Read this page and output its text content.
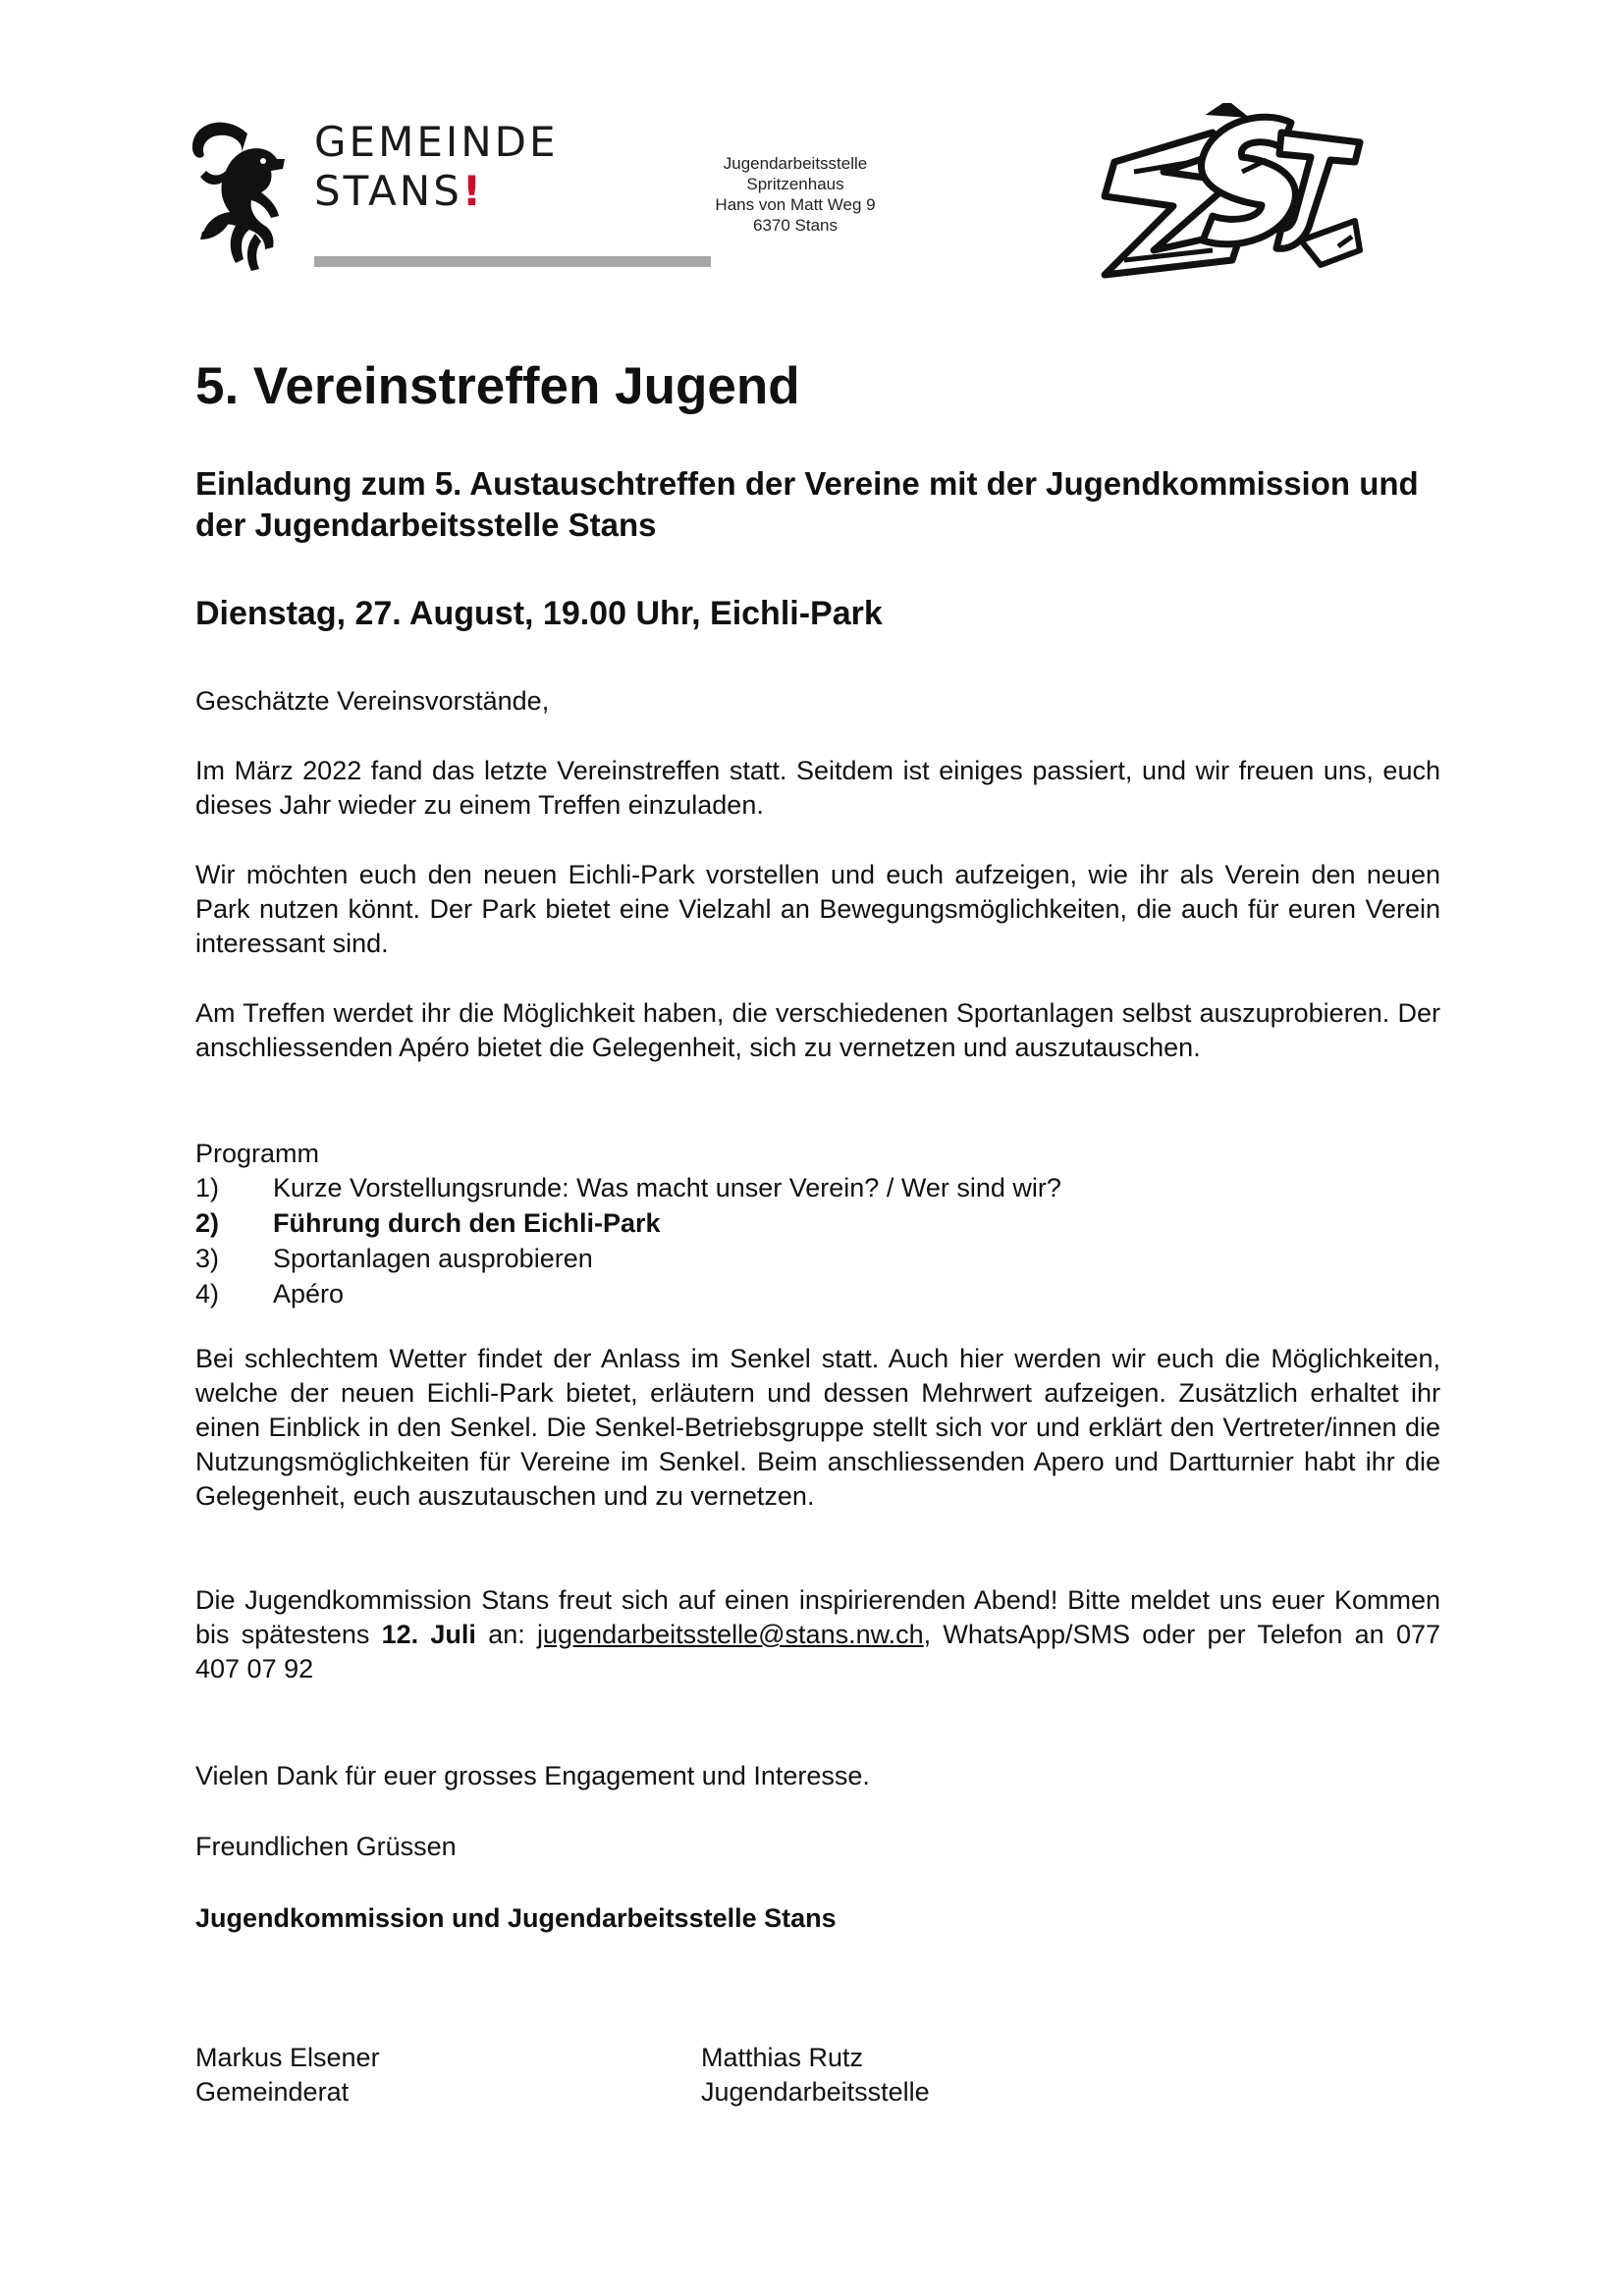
GEMEINDE
STANS!
Jugendarbeitsstelle
Spritzenhaus
Hans von Matt Weg 9
6370 Stans
5. Vereinstreffen Jugend
Einladung zum 5. Austauschtreffen der Vereine mit der Jugendkommission und der Jugendarbeitsstelle Stans
Dienstag, 27. August, 19.00 Uhr, Eichli-Park

Geschätzte Vereinsvorstände,

Im März 2022 fand das letzte Vereinstreffen statt. Seitdem ist einiges passiert, und wir freuen uns, euch dieses Jahr wieder zu einem Treffen einzuladen.

Wir möchten euch den neuen Eichli-Park vorstellen und euch aufzeigen, wie ihr als Verein den neuen Park nutzen könnt. Der Park bietet eine Vielzahl an Bewegungsmöglichkeiten, die auch für euren Verein interessant sind.

Am Treffen werdet ihr die Möglichkeit haben, die verschiedenen Sportanlagen selbst auszuprobieren. Der anschliessenden Apéro bietet die Gelegenheit, sich zu vernetzen und auszutauschen.

Programm

1) Kurze Vorstellungsrunde: Was macht unser Verein? / Wer sind wir?
2) Führung durch den Eichli-Park
3) Sportanlagen ausprobieren
4) Apéro

Bei schlechtem Wetter findet der Anlass im Senkel statt. Auch hier werden wir euch die Möglichkeiten, welche der neuen Eichli-Park bietet, erläutern und dessen Mehrwert aufzeigen. Zusätzlich erhaltet ihr einen Einblick in den Senkel. Die Senkel-Betriebsgruppe stellt sich vor und erklärt den Vertreter/innen die Nutzungsmöglichkeiten für Vereine im Senkel. Beim anschliessenden Apero und Dartturnier habt ihr die Gelegenheit, euch auszutauschen und zu vernetzen.

Die Jugendkommission Stans freut sich auf einen inspirierenden Abend! Bitte meldet uns euer Kommen bis spätestens 12. Juli an: jugendarbeitsstelle@stans.nw.ch, WhatsApp/SMS oder per Telefon an 077 407 07 92

Vielen Dank für euer grosses Engagement und Interesse.

Freundlichen Grüssen

Jugendkommission und Jugendarbeitsstelle Stans

Markus Elsener
Gemeinderat
Matthias Rutz
Jugendarbeitsstelle
